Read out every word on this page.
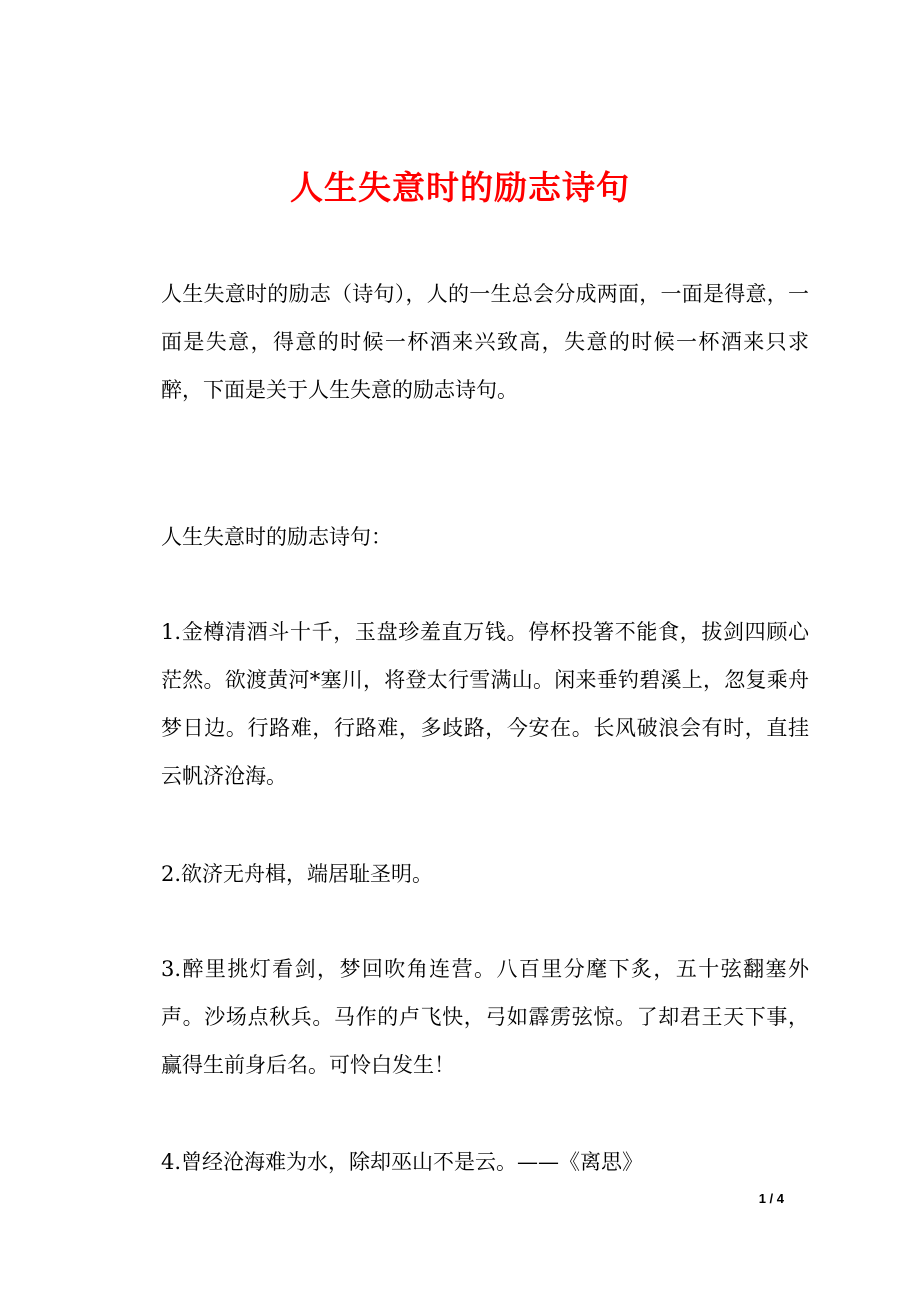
人生失意时的励志诗句

人生失意时的励志（诗句），人的一生总会分成两面，一面是得意，一面是失意，得意的时候一杯酒来兴致高，失意的时候一杯酒来只求醉，下面是关于人生失意的励志诗句。

人生失意时的励志诗句：

1.金樽清酒斗十千，玉盘珍羞直万钱。停杯投箸不能食，拔剑四顾心茫然。欲渡黄河*塞川，将登太行雪满山。闲来垂钓碧溪上，忽复乘舟梦日边。行路难，行路难，多歧路，今安在。长风破浪会有时，直挂云帆济沧海。

2.欲济无舟楫，端居耻圣明。

3.醉里挑灯看剑，梦回吹角连营。八百里分麾下炙，五十弦翻塞外声。沙场点秋兵。马作的卢飞快，弓如霹雳弦惊。了却君王天下事，赢得生前身后名。可怜白发生！

4.曾经沧海难为水，除却巫山不是云。——《离思》

1 / 4
